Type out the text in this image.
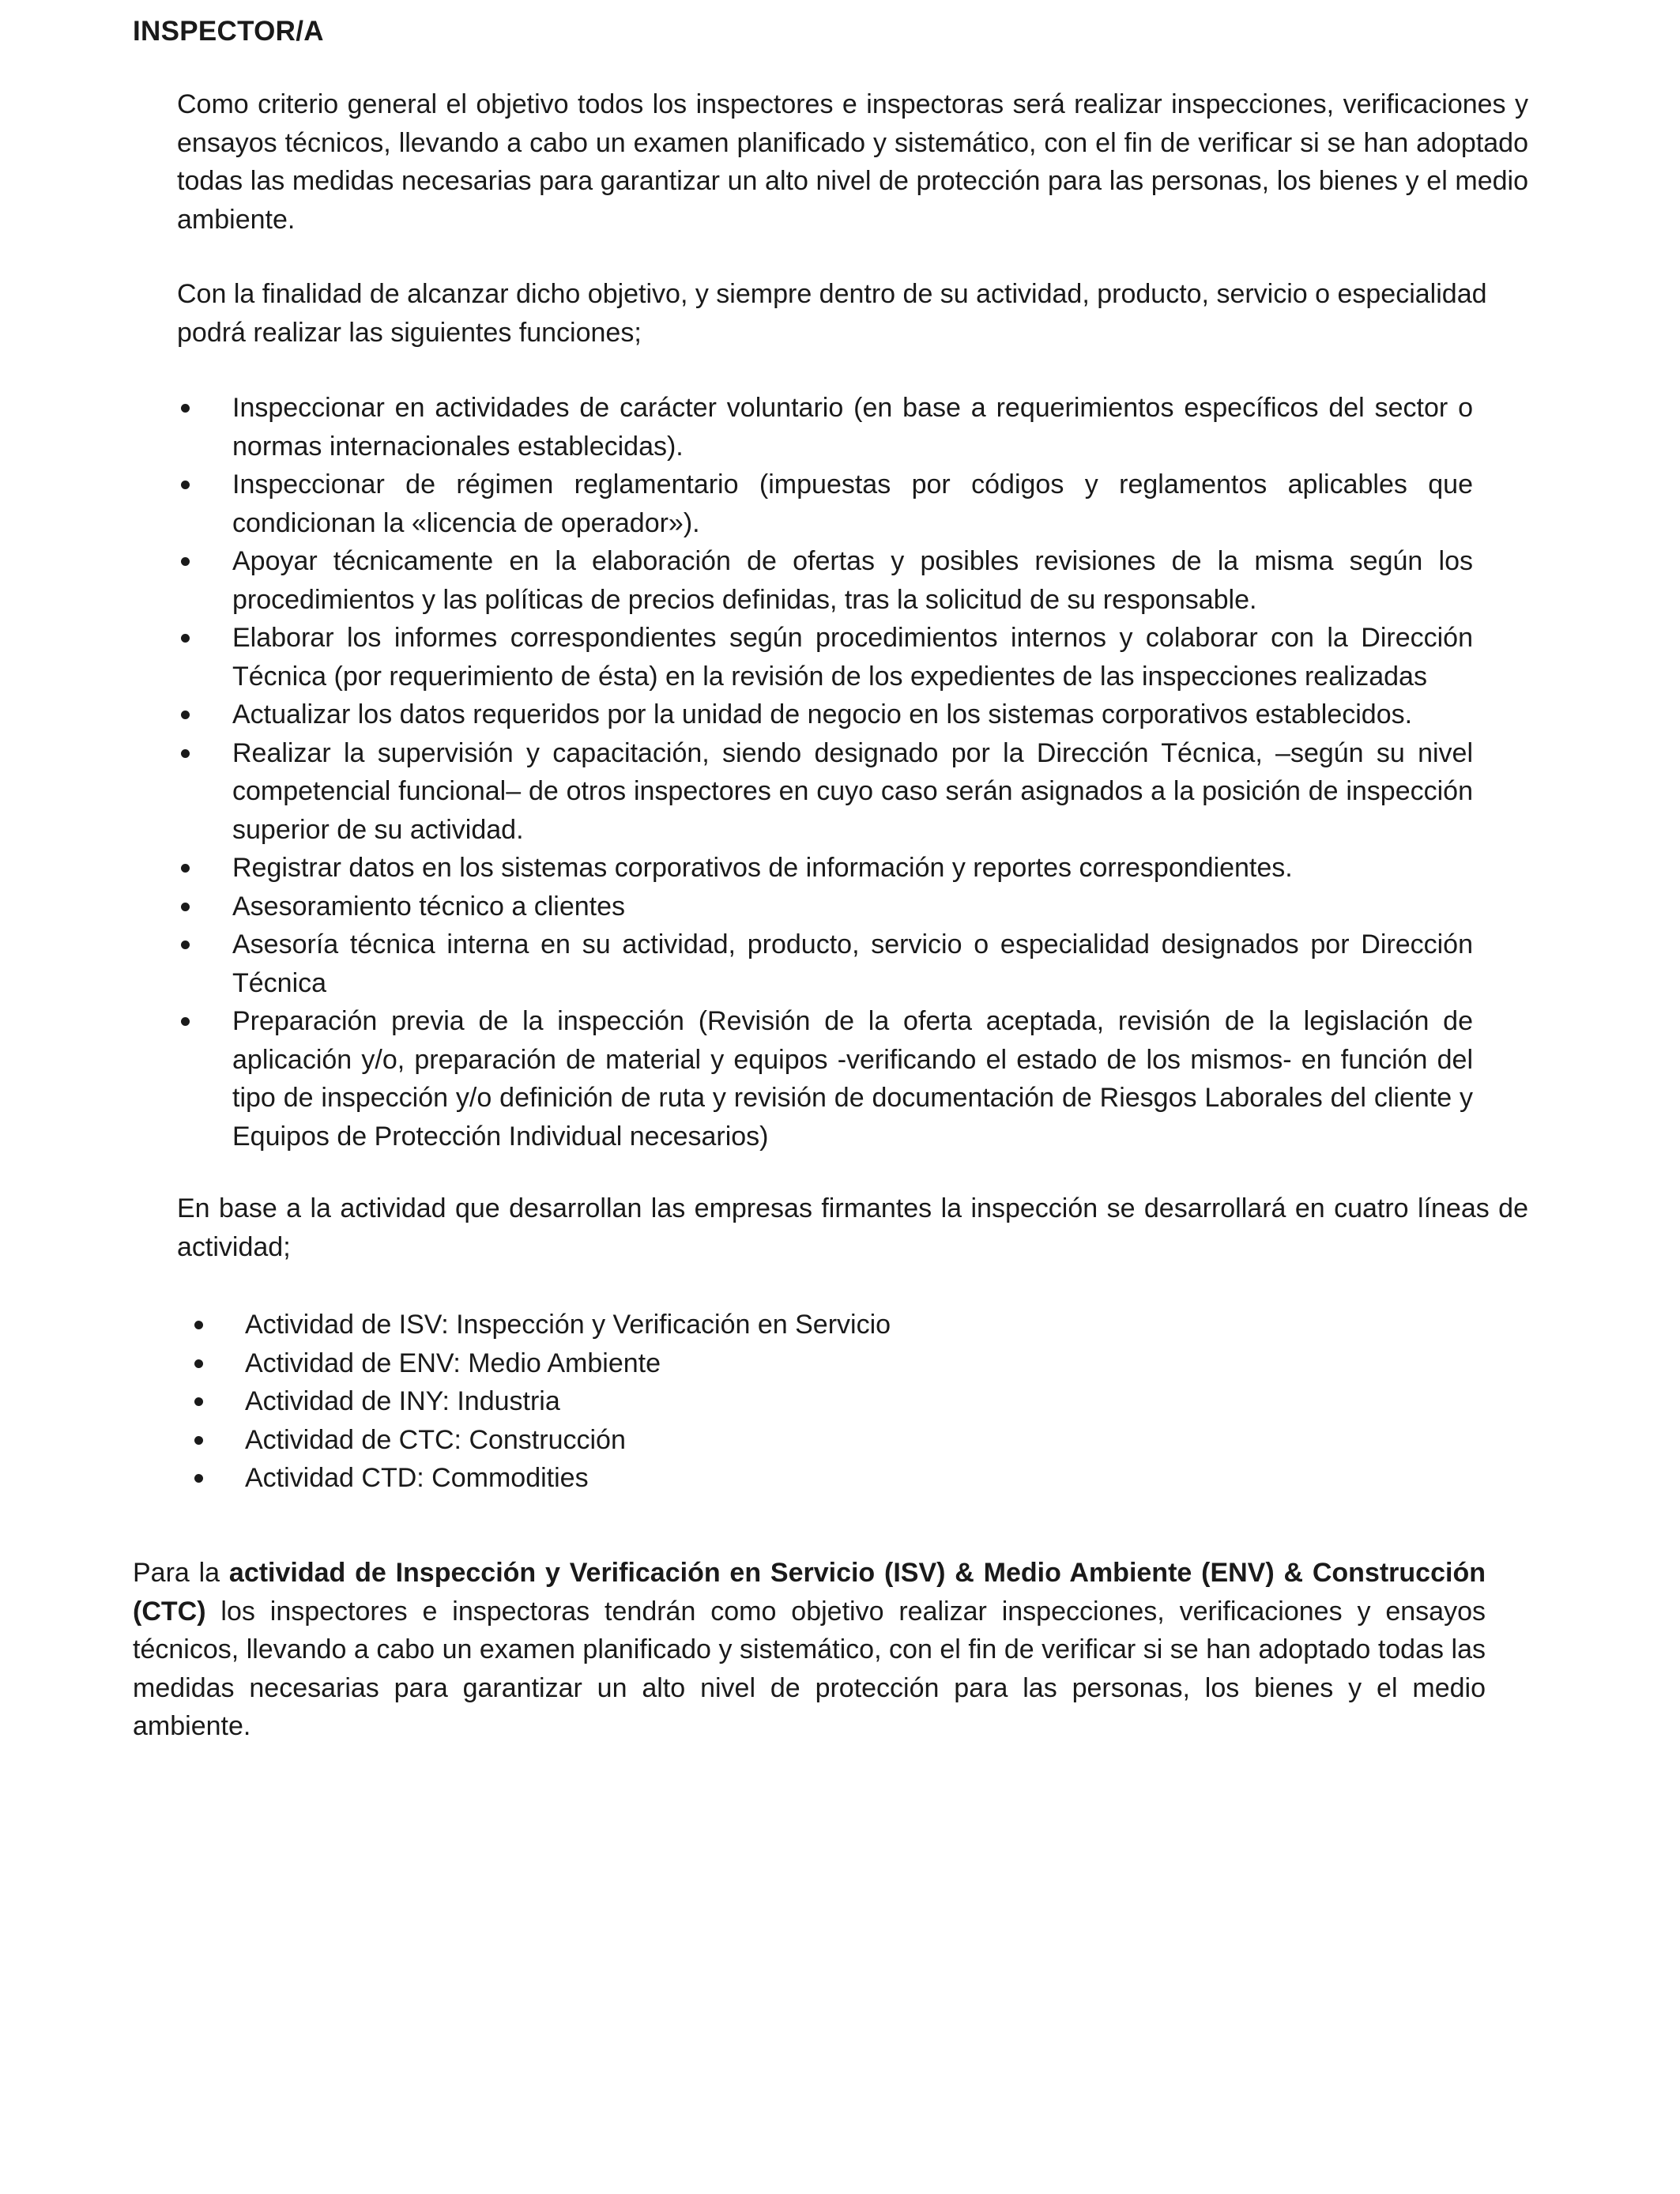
INSPECTOR/A

Como criterio general el objetivo todos los inspectores e inspectoras será realizar inspecciones, verificaciones y ensayos técnicos, llevando a cabo un examen planificado y sistemático, con el fin de verificar si se han adoptado todas las medidas necesarias para garantizar un alto nivel de protección para las personas, los bienes y el medio ambiente.

Con la finalidad de alcanzar dicho objetivo, y siempre dentro de su actividad, producto, servicio o especialidad podrá realizar las siguientes funciones;

Inspeccionar en actividades de carácter voluntario (en base a requerimientos específicos del sector o normas internacionales establecidas).
Inspeccionar de régimen reglamentario (impuestas por códigos y reglamentos aplicables que condicionan la «licencia de operador»).
Apoyar técnicamente en la elaboración de ofertas y posibles revisiones de la misma según los procedimientos y las políticas de precios definidas, tras la solicitud de su responsable.
Elaborar los informes correspondientes según procedimientos internos y colaborar con la Dirección Técnica (por requerimiento de ésta) en la revisión de los expedientes de las inspecciones realizadas
Actualizar los datos requeridos por la unidad de negocio en los sistemas corporativos establecidos.
Realizar la supervisión y capacitación, siendo designado por la Dirección Técnica, –según su nivel competencial funcional– de otros inspectores en cuyo caso serán asignados a la posición de inspección superior de su actividad.
Registrar datos en los sistemas corporativos de información y reportes correspondientes.
Asesoramiento técnico a clientes
Asesoría técnica interna en su actividad, producto, servicio o especialidad designados por Dirección Técnica
Preparación previa de la inspección (Revisión de la oferta aceptada, revisión de la legislación de aplicación y/o, preparación de material y equipos -verificando el estado de los mismos- en función del tipo de inspección y/o definición de ruta y revisión de documentación de Riesgos Laborales del cliente y Equipos de Protección Individual necesarios)

En base a la actividad que desarrollan las empresas firmantes la inspección se desarrollará en cuatro líneas de actividad;

Actividad de ISV: Inspección y Verificación en Servicio
Actividad de ENV: Medio Ambiente
Actividad de INY: Industria
Actividad de CTC: Construcción
Actividad CTD: Commodities

Para la actividad de Inspección y Verificación en Servicio (ISV) & Medio Ambiente (ENV) & Construcción (CTC) los inspectores e inspectoras tendrán como objetivo realizar inspecciones, verificaciones y ensayos técnicos, llevando a cabo un examen planificado y sistemático, con el fin de verificar si se han adoptado todas las medidas necesarias para garantizar un alto nivel de protección para las personas, los bienes y el medio ambiente.
